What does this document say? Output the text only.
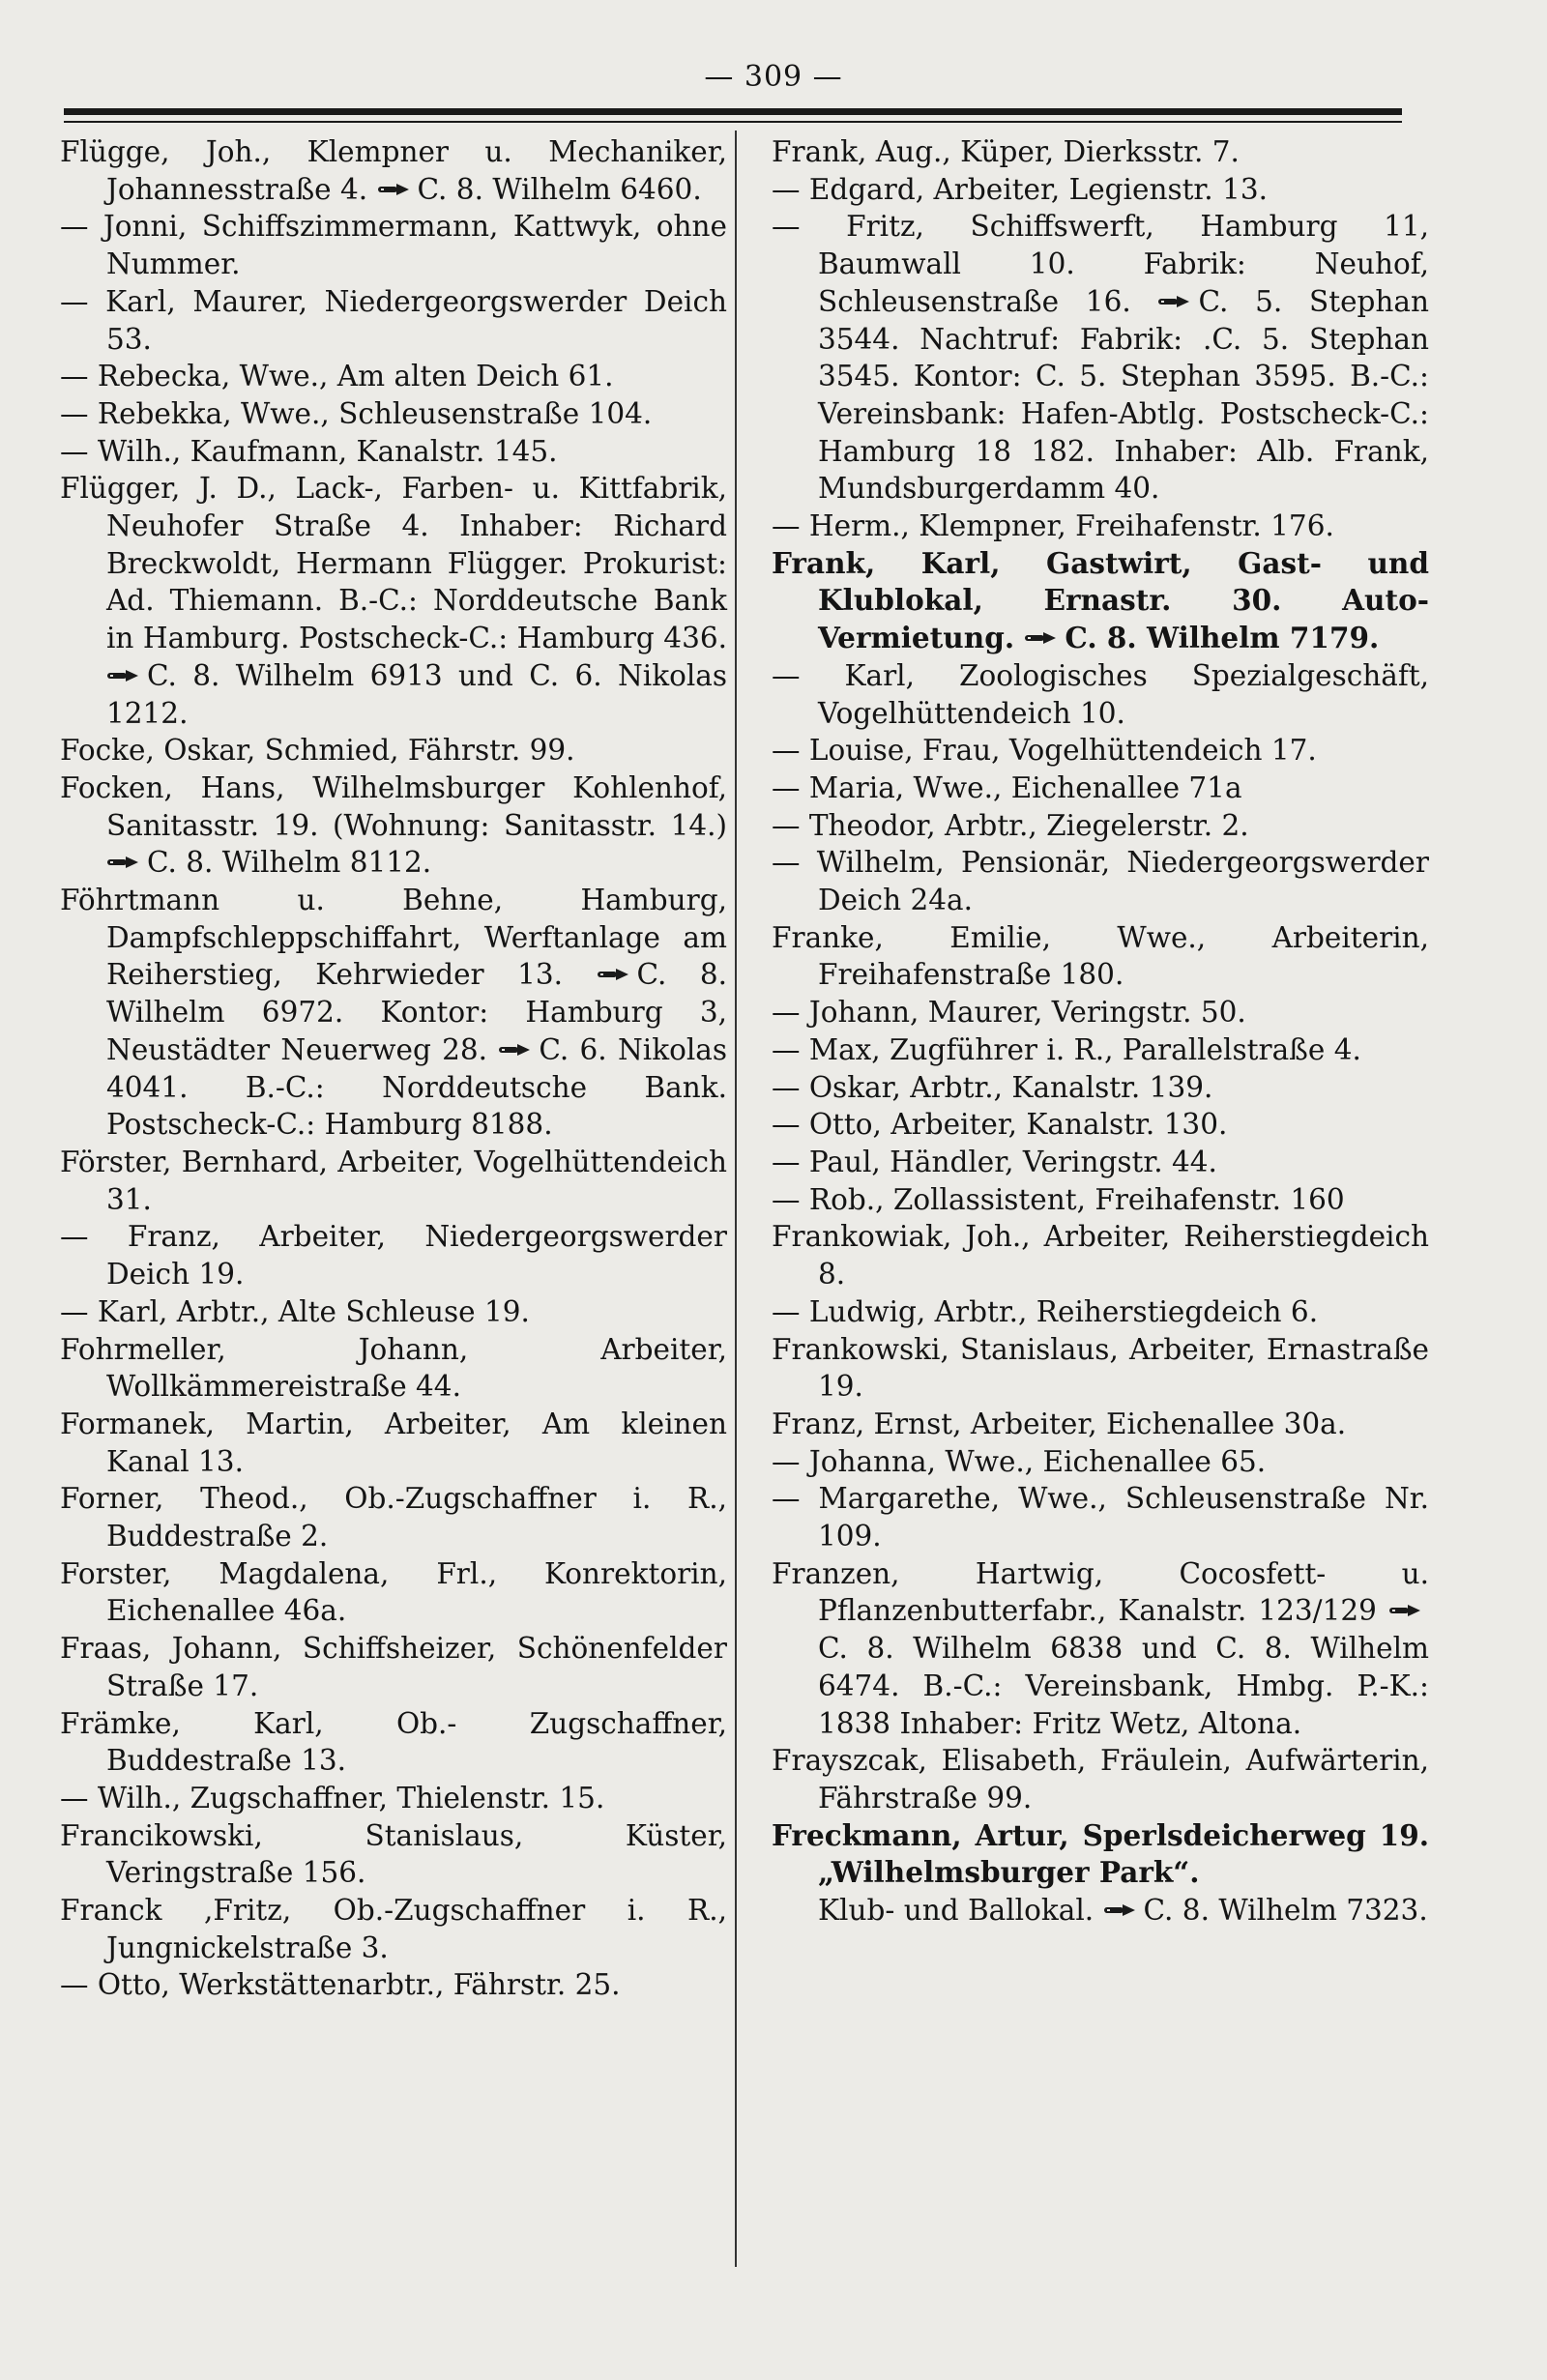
— 309 —

Flügge, Joh., Klempner u. Mechaniker, Johannesstraße 4. C. 8. Wilhelm 6460.

— Jonni, Schiffszimmermann, Kattwyk, ohne Nummer.

— Karl, Maurer, Niedergeorgswerder Deich 53.

— Rebecka, Wwe., Am alten Deich 61.

— Rebekka, Wwe., Schleusenstraße 104.

— Wilh., Kaufmann, Kanalstr. 145.

Flügger, J. D., Lack-, Farben- u. Kittfabrik, Neuhofer Straße 4. Inhaber: Richard Breckwoldt, Hermann Flügger. Prokurist: Ad. Thiemann. B.-C.: Norddeutsche Bank in Hamburg. Postscheck-C.: Hamburg 436.
C. 8. Wilhelm 6913 und C. 6. Nikolas 1212.

Focke, Oskar, Schmied, Fährstr. 99.

Focken, Hans, Wilhelmsburger Kohlenhof, Sanitasstr. 19. (Wohnung: Sanitasstr. 14.)
C. 8. Wilhelm 8112.

Föhrtmann u. Behne, Hamburg, Dampfschleppschiffahrt, Werftanlage am Reiherstieg, Kehrwieder 13.	C. 8. Wilhelm 6972. Kontor: Hamburg 3, Neustädter Neuerweg 28. C. 6. Nikolas 4041. B.-C.: Norddeutsche Bank. Postscheck-C.: Hamburg 8188.

Förster, Bernhard, Arbeiter, Vogelhüttendeich 31.

— Franz, Arbeiter, Niedergeorgswerder Deich 19.

— Karl, Arbtr., Alte Schleuse 19.

Fohrmeller, Johann, Arbeiter, Wollkämmereistraße 44.

Formanek, Martin, Arbeiter, Am kleinen Kanal 13.

Forner, Theod., Ob.-Zugschaffner i. R., Buddestraße 2.

Forster, Magdalena, Frl., Konrektorin, Eichenallee 46a.

Fraas, Johann, Schiffsheizer, Schönenfelder Straße 17.

Främke, Karl, Ob.- Zugschaffner, Buddestraße 13.

— Wilh., Zugschaffner, Thielenstr. 15.

Francikowski, Stanislaus, Küster, Veringstraße 156.

Franck ,Fritz, Ob.-Zugschaffner i. R., Jungnickelstraße 3.

— Otto, Werkstättenarbtr., Fährstr. 25.

Frank, Aug., Küper, Dierksstr. 7.

— Edgard, Arbeiter, Legienstr. 13.

— Fritz, Schiffswerft, Hamburg 11, Baumwall 10. Fabrik: Neuhof, Schleusenstraße 16. C. 5. Stephan 3544. Nachtruf: Fabrik: .C. 5. Stephan 3545. Kontor: C. 5. Stephan 3595. B.-C.: Vereinsbank: Hafen-Abtlg. Postscheck-C.: Hamburg 18 182. Inhaber: Alb. Frank, Mundsburgerdamm 40.

— Herm., Klempner, Freihafenstr. 176.

Frank, Karl, Gastwirt, Gast- und Klublokal, Ernastr. 30. Auto-Vermietung. C. 8. Wilhelm 7179.

— Karl, Zoologisches Spezialgeschäft, Vogelhüttendeich 10.

— Louise, Frau, Vogelhüttendeich 17.

— Maria, Wwe., Eichenallee 71a

— Theodor, Arbtr., Ziegelerstr. 2.

— Wilhelm, Pensionär, Niedergeorgswerder Deich 24a.

Franke, Emilie, Wwe., Arbeiterin, Freihafenstraße 180.

— Johann, Maurer, Veringstr. 50.

— Max, Zugführer i. R., Parallelstraße 4.

— Oskar, Arbtr., Kanalstr. 139.

— Otto, Arbeiter, Kanalstr. 130.

— Paul, Händler, Veringstr. 44.

— Rob., Zollassistent, Freihafenstr. 160

Frankowiak, Joh., Arbeiter, Reiherstiegdeich 8.

— Ludwig, Arbtr., Reiherstiegdeich 6.

Frankowski, Stanislaus, Arbeiter, Ernastraße 19.

Franz, Ernst, Arbeiter, Eichenallee 30a.

— Johanna, Wwe., Eichenallee 65.

— Margarethe, Wwe., Schleusenstraße Nr. 109.

Franzen, Hartwig, Cocosfett- u. Pflanzenbutterfabr., Kanalstr. 123/129
C. 8. Wilhelm 6838 und C. 8. Wilhelm 6474. B.-C.: Vereinsbank, Hmbg. P.-K.: 1838 Inhaber: Fritz Wetz, Altona.

Frayszcak, Elisabeth, Fräulein, Aufwärterin, Fährstraße 99.

Freckmann, Artur, Sperlsdeicherweg 19. „Wilhelmsburger Park“.

Klub- und Ballokal. C. 8. Wilhelm 7323.
